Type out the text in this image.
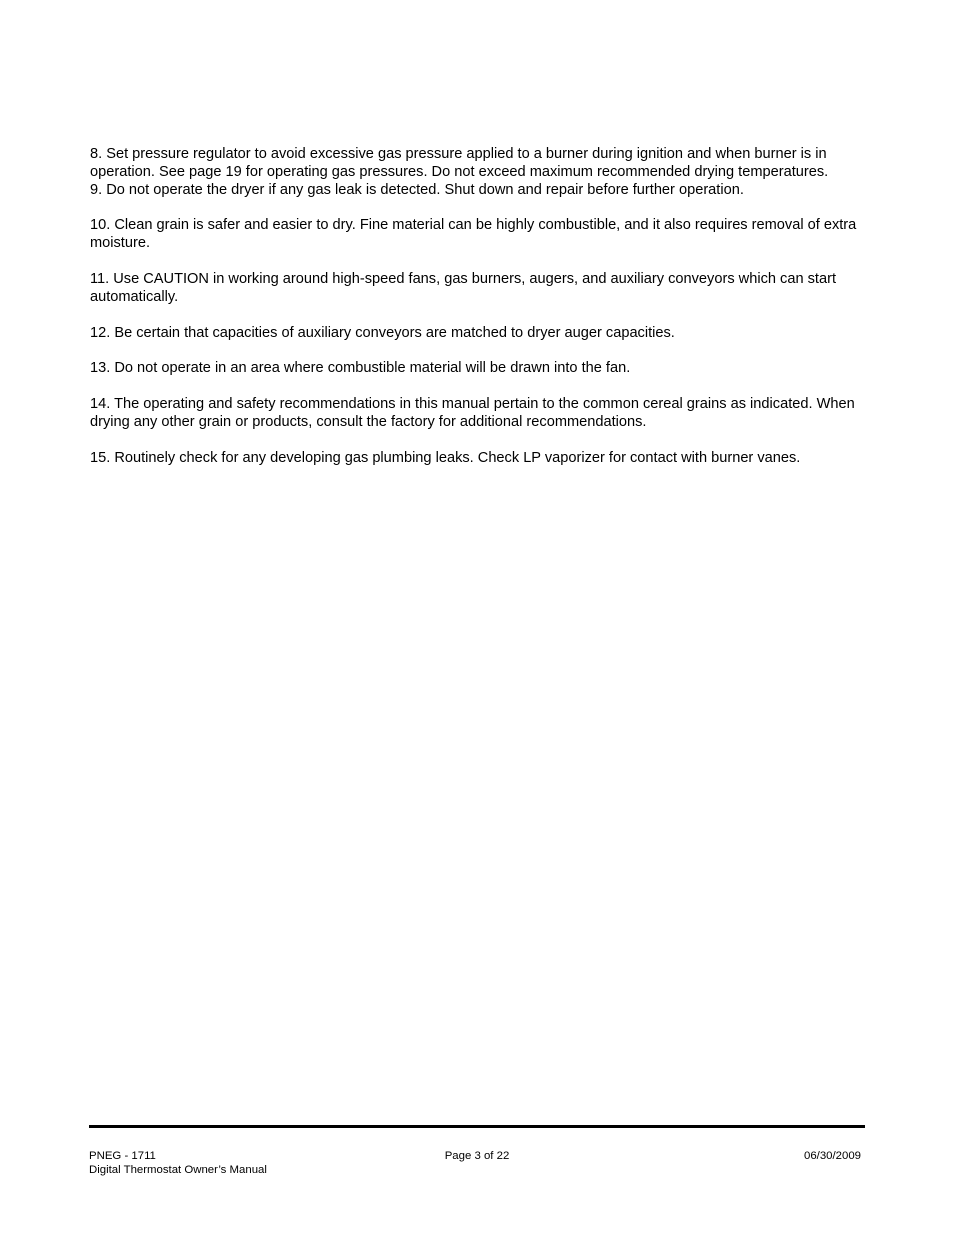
8. Set pressure regulator to avoid excessive gas pressure applied to a burner during ignition and when burner is in operation. See page 19 for operating gas pressures. Do not exceed maximum recommended drying temperatures.

9. Do not operate the dryer if any gas leak is detected. Shut down and repair before further operation.

10. Clean grain is safer and easier to dry. Fine material can be highly combustible, and it also requires removal of extra moisture.

11. Use CAUTION in working around high-speed fans, gas burners, augers, and auxiliary conveyors which can start automatically.

12. Be certain that capacities of auxiliary conveyors are matched to dryer auger capacities.

13. Do not operate in an area where combustible material will be drawn into the fan.

14. The operating and safety recommendations in this manual pertain to the common cereal grains as indicated. When drying any other grain or products, consult the factory for additional recommendations.

15. Routinely check for any developing gas plumbing leaks. Check LP vaporizer for contact with burner vanes.

PNEG - 1711
Digital Thermostat Owner’s Manual
Page 3 of 22	06/30/2009
